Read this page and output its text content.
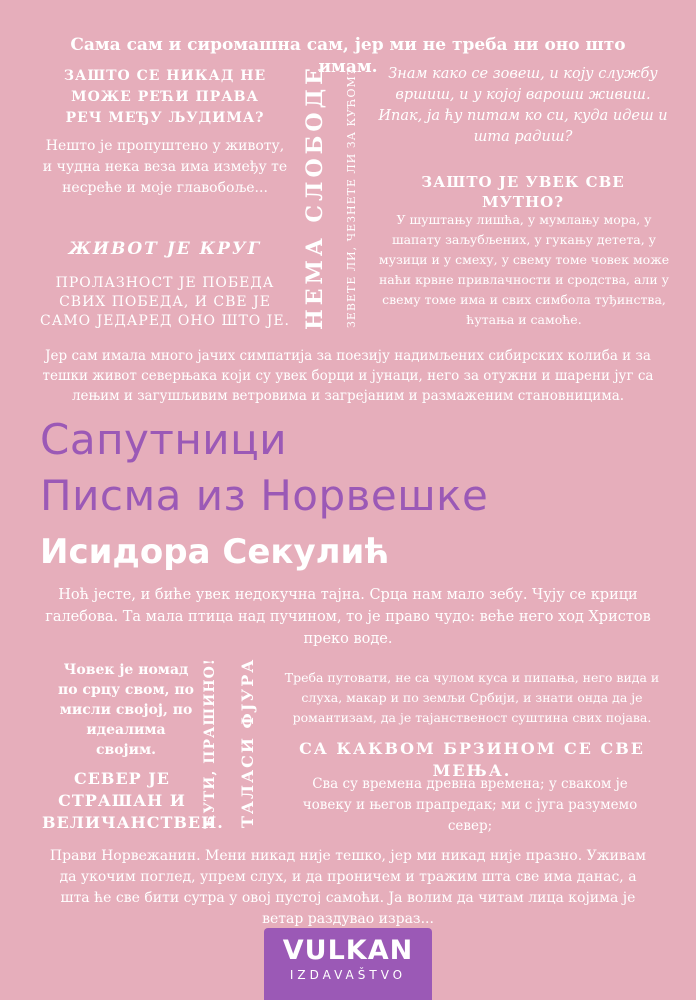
Сама сам и сиромашна сам, јер ми не треба ни оно што имам.

ЗАШТО СЕ НИКАД НЕ МОЖЕ РЕЋИ ПРАВА РЕЧ МЕЂУ ЉУДИМА?

Нешто је пропуштено у животу, и чудна нека веза има између те несреће и моје главобоље...

ЖИВОТ ЈЕ КРУГ

ПРОЛАЗНОСТ ЈЕ ПОБЕДА СВИХ ПОБЕДА, И СВЕ ЈЕ САМО ЈЕДАРЕД ОНО ШТО ЈЕ. НЕМА СЛОБОДЕ ЗЕВЕТЕ ЛИ, ЧЕЗНЕТЕ ЛИ ЗА КУЋОМ?	Знам како се зовеш, и коју службу вршиш, и у којој вароши живиш. Ипак, ја ћу питам ко си, куда идеш и шта радиш?

ЗАШТО ЈЕ УВЕК СВЕ МУТНО?

У шуштању лишћа, у мумлању мора, у шапату заљубљених, у гукању детета, у музици и у смеху, у свему томе човек може наћи крвне привлачности и сродства, али у свему томе има и свих симбола туђинства, ћутања и самоће.

Јер сам имала много јачих симпатија за поезију надимљених сибирских колиба и за тешки живот северњака који су увек борци и јунаци, него за отужни и шарени југ са лењим и загушљивим ветровима и загрејаним и размаженим становницима.

Сапутници
Писма из Норвешке
Исидора Секулић

Ноћ јесте, и биће увек недокучна тајна. Срца нам мало зебу. Чују се крици галебова. Та мала птица над пучином, то је право чудо: веће него ход Христов преко воде.

Човек је номад по срцу свом, по мисли својој, по идеалима својим.

СЕВЕР ЈЕ СТРАШАН И ВЕЛИЧАНСТВЕН.

ЋУТИ, ПРАШИНО! ТАЛАСИ ФЈУРА	Треба путовати, не са чулом куса и пипања, него вида и слуха, макар и по земљи Србији, и знати онда да је романтизам, да је тајанственост суштина свих појава.

СА КАКВОМ БРЗИНОМ СЕ СВЕ МЕЊА.

Сва су времена древна времена; у сваком је човеку и његов прапредак; ми с југа разумемо север;

Прави Норвежанин. Мени никад није тешко, јер ми никад није празно. Уживам да укочим поглед, упрем слух, и да проничем и тражим шта све има данас, а шта ће све бити сутра у овој пустој самоћи. Ја волим да читам лица којима је ветар раздувао израз...

VULKAN
IZDAVAŠTVO
